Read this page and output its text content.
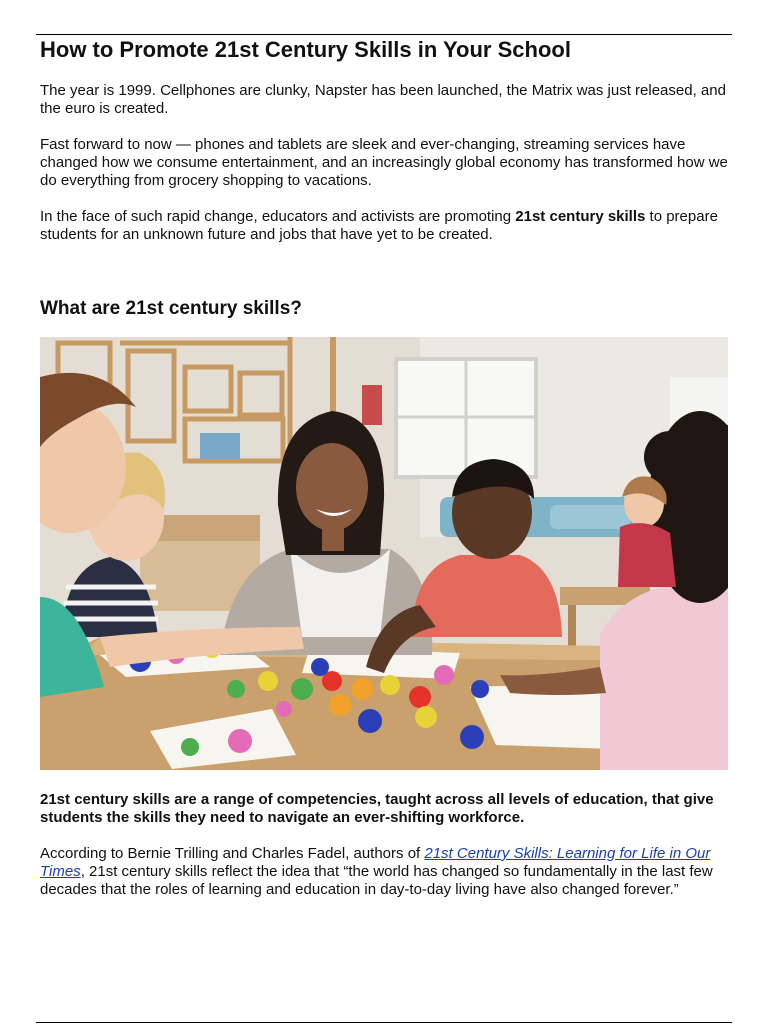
How to Promote 21st Century Skills in Your School

The year is 1999. Cellphones are clunky, Napster has been launched, the Matrix was just released, and the euro is created.

Fast forward to now — phones and tablets are sleek and ever-changing, streaming services have changed how we consume entertainment, and an increasingly global economy has transformed how we do everything from grocery shopping to vacations.

In the face of such rapid change, educators and activists are promoting 21st century skills to prepare students for an unknown future and jobs that have yet to be created.

What are 21st century skills?

21st century skills are a range of competencies, taught across all levels of education, that give students the skills they need to navigate an ever-shifting workforce.

According to Bernie Trilling and Charles Fadel, authors of 21st Century Skills: Learning for Life in Our Times, 21st century skills reflect the idea that “the world has changed so fundamentally in the last few decades that the roles of learning and education in day-to-day living have also changed forever.”
